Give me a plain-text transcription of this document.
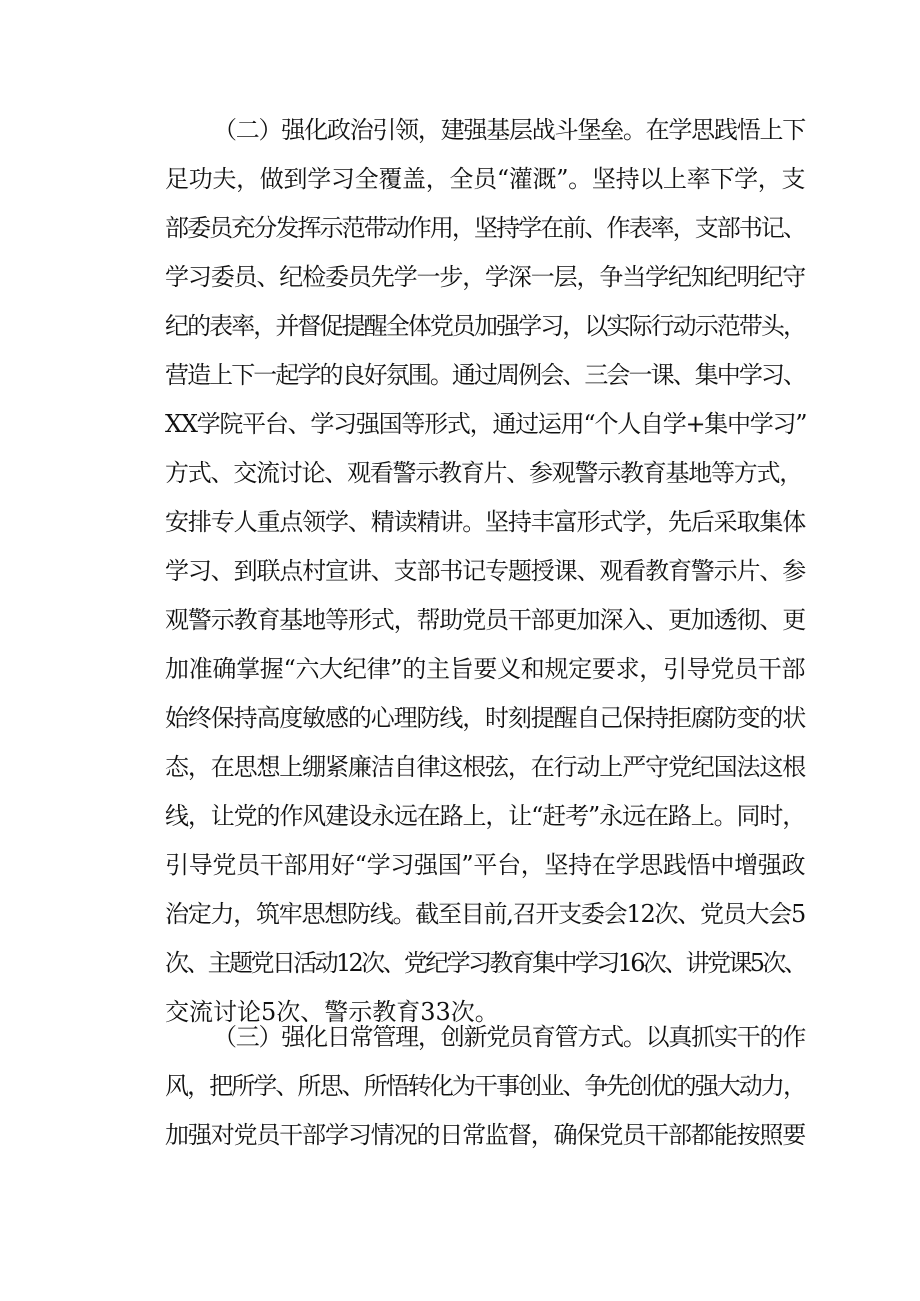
（二）强化政治引领，建强基层战斗堡垒。在学思践悟上下
足功夫，做到学习全覆盖，全员“灌溉”。坚持以上率下学，支
部委员充分发挥示范带动作用，坚持学在前、作表率，支部书记、
学习委员、纪检委员先学一步，学深一层，争当学纪知纪明纪守
纪的表率，并督促提醒全体党员加强学习，以实际行动示范带头，
营造上下一起学的良好氛围。通过周例会、三会一课、集中学习、
XX学院平台、学习强国等形式，通过运用“个人自学+集中学习”
方式、交流讨论、观看警示教育片、参观警示教育基地等方式，
安排专人重点领学、精读精讲。坚持丰富形式学，先后采取集体
学习、到联点村宣讲、支部书记专题授课、观看教育警示片、参
观警示教育基地等形式，帮助党员干部更加深入、更加透彻、更
加准确掌握“六大纪律”的主旨要义和规定要求，引导党员干部
始终保持高度敏感的心理防线，时刻提醒自己保持拒腐防变的状
态，在思想上绷紧廉洁自律这根弦，在行动上严守党纪国法这根
线，让党的作风建设永远在路上，让“赶考”永远在路上。同时，
引导党员干部用好“学习强国”平台，坚持在学思践悟中增强政
治定力，筑牢思想防线。截至目前,召开支委会12次、党员大会5
次、主题党日活动12次、党纪学习教育集中学习16次、讲党课5次、
交流讨论5次、警示教育33次。
（三）强化日常管理，创新党员育管方式。以真抓实干的作
风，把所学、所思、所悟转化为干事创业、争先创优的强大动力，
加强对党员干部学习情况的日常监督，确保党员干部都能按照要
